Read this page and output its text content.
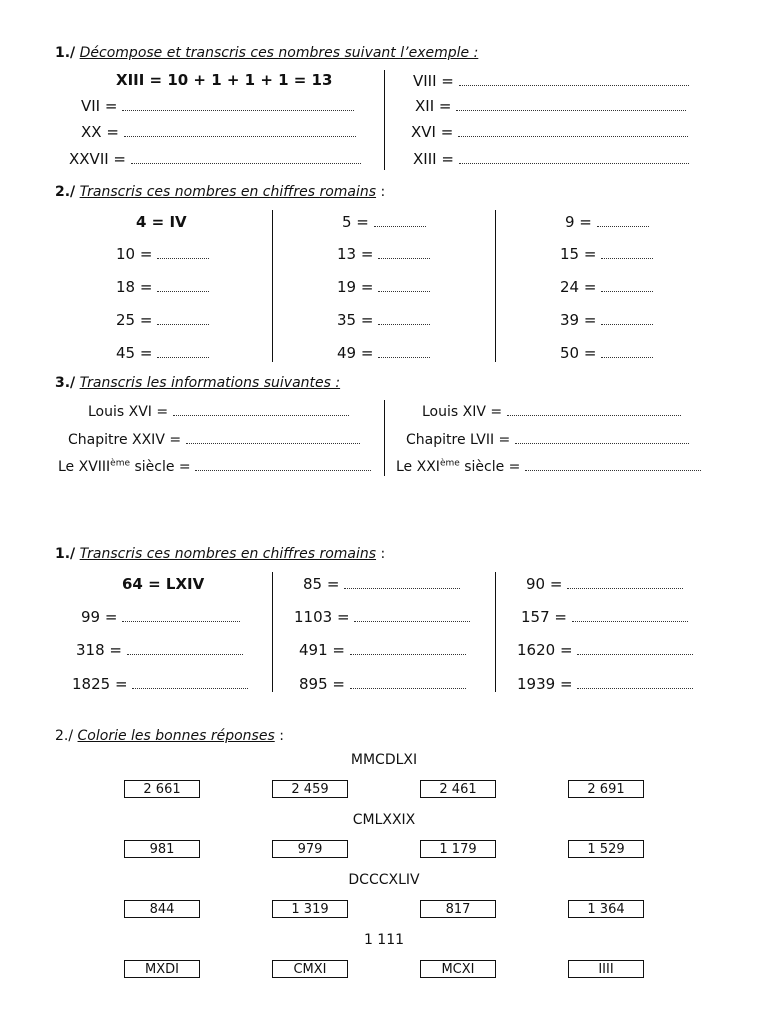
1./ Décompose et transcris ces nombres suivant l’exemple :
XIII = 10 + 1 + 1 + 1 = 13
VII =
XX =
XXVII =
VIII =
XII =
XVI =
XIII =
2./ Transcris ces nombres en chiffres romains :
4 = IV
10 =
18 =
25 =
45 =
5 =
13 =
19 =
35 =
49 =
9 =
15 =
24 =
39 =
50 =
3./ Transcris les informations suivantes :
Louis XVI =
Chapitre XXIV =
Le XVIIIème siècle =
Louis XIV =
Chapitre LVII =
Le XXIème siècle =
1./ Transcris ces nombres en chiffres romains :
64 = LXIV
99 =
318 =
1825 =
85 =
1103 =
491 =
895 =
90 =
157 =
1620 =
1939 =
2./ Colorie les bonnes réponses :
MMCDLXI
2 661	2 459	2 461	2 691
CMLXXIX
981	979	1 179	1 529
DCCCXLIV
844	1 319	817	1 364
1 111
MXDI	CMXI	MCXI	IIII
